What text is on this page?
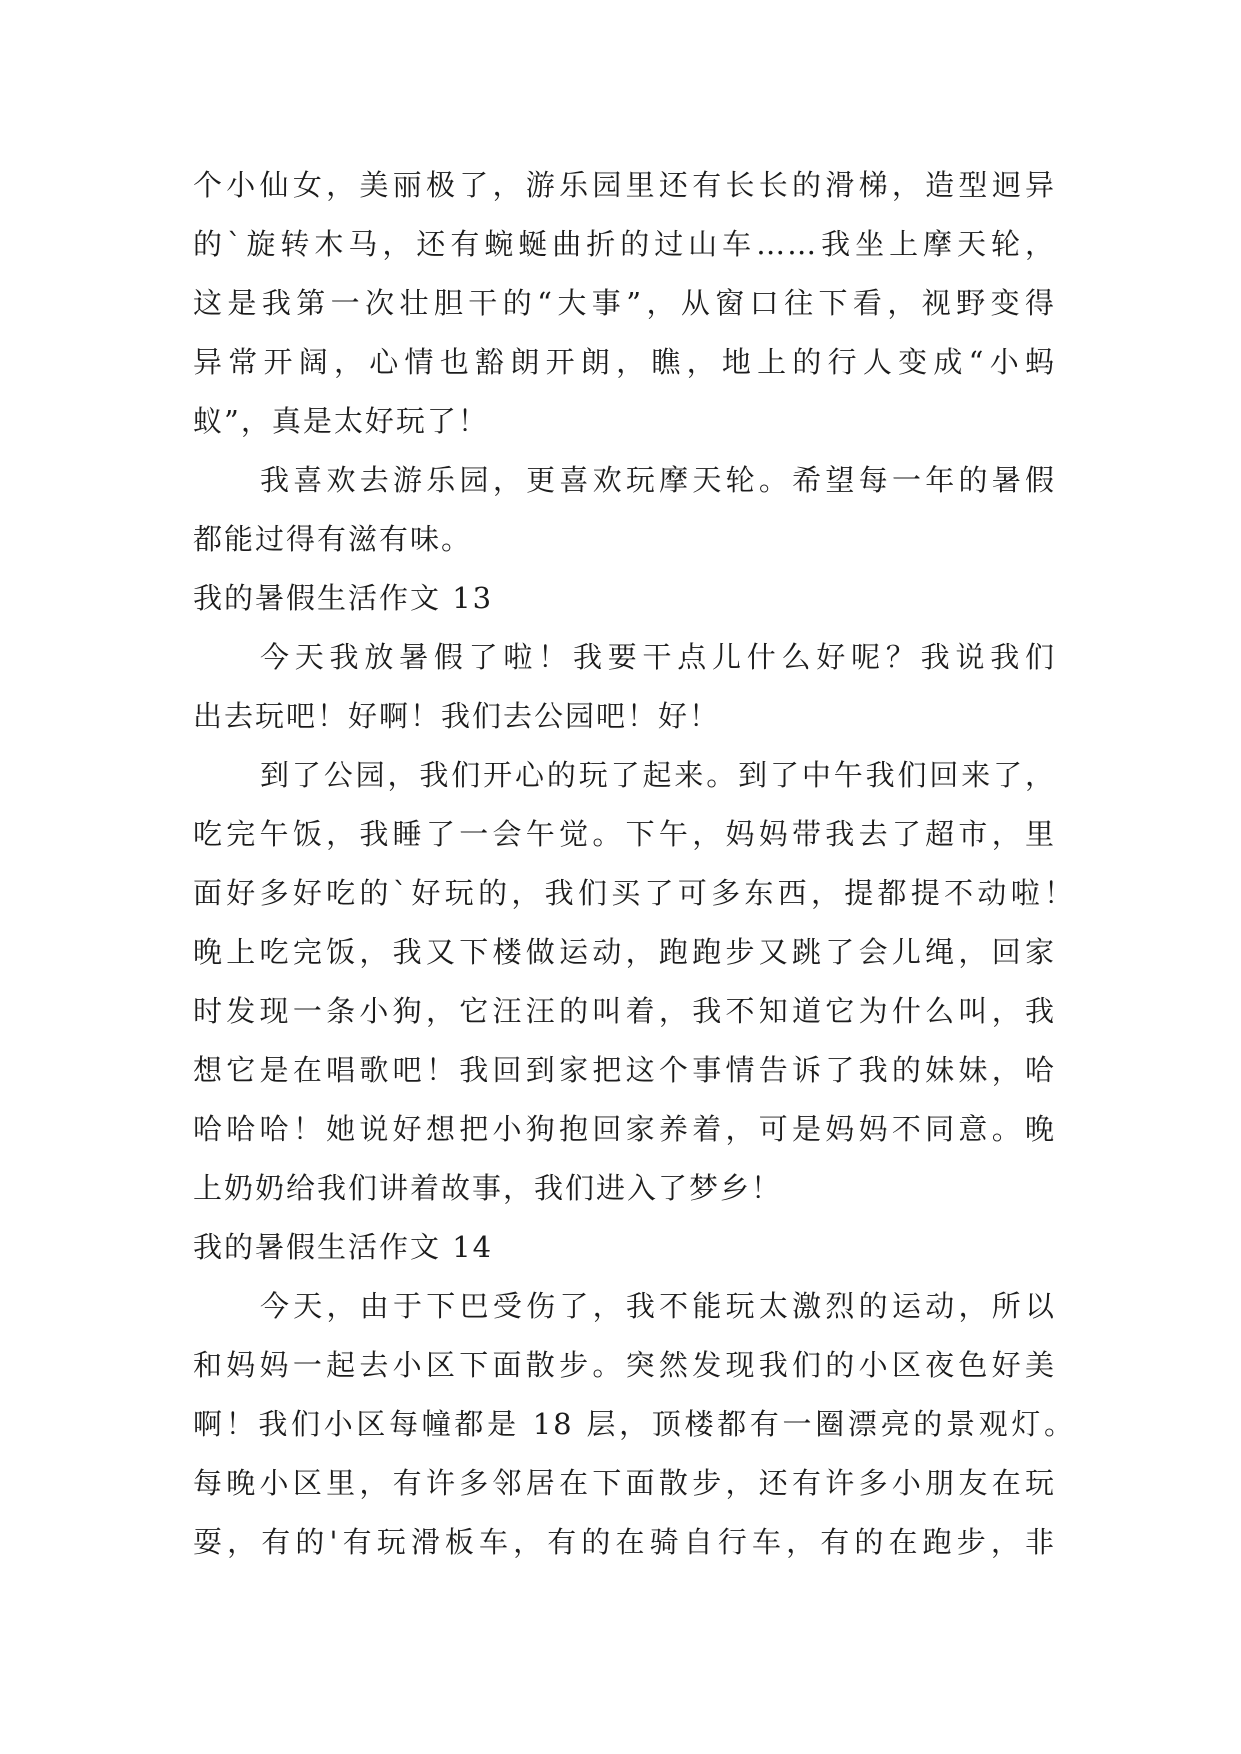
个小仙女，美丽极了，游乐园里还有长长的滑梯，造型迥异
的`旋转木马，还有蜿蜒曲折的过山车……我坐上摩天轮，
这是我第一次壮胆干的“大事”，从窗口往下看，视野变得
异常开阔，心情也豁朗开朗，瞧，地上的行人变成“小蚂
蚁”，真是太好玩了！
我喜欢去游乐园，更喜欢玩摩天轮。希望每一年的暑假
都能过得有滋有味。
我的暑假生活作文 13
今天我放暑假了啦！我要干点儿什么好呢？我说我们
出去玩吧！好啊！我们去公园吧！好！
到了公园，我们开心的玩了起来。到了中午我们回来了，
吃完午饭，我睡了一会午觉。下午，妈妈带我去了超市，里
面好多好吃的`好玩的，我们买了可多东西，提都提不动啦！
晚上吃完饭，我又下楼做运动，跑跑步又跳了会儿绳，回家
时发现一条小狗，它汪汪的叫着，我不知道它为什么叫，我
想它是在唱歌吧！我回到家把这个事情告诉了我的妹妹，哈
哈哈哈！她说好想把小狗抱回家养着，可是妈妈不同意。晚
上奶奶给我们讲着故事，我们进入了梦乡！
我的暑假生活作文 14
今天，由于下巴受伤了，我不能玩太激烈的运动，所以
和妈妈一起去小区下面散步。突然发现我们的小区夜色好美
啊！我们小区每幢都是 18 层，顶楼都有一圈漂亮的景观灯。
每晚小区里，有许多邻居在下面散步，还有许多小朋友在玩
耍，有的'有玩滑板车，有的在骑自行车，有的在跑步，非
